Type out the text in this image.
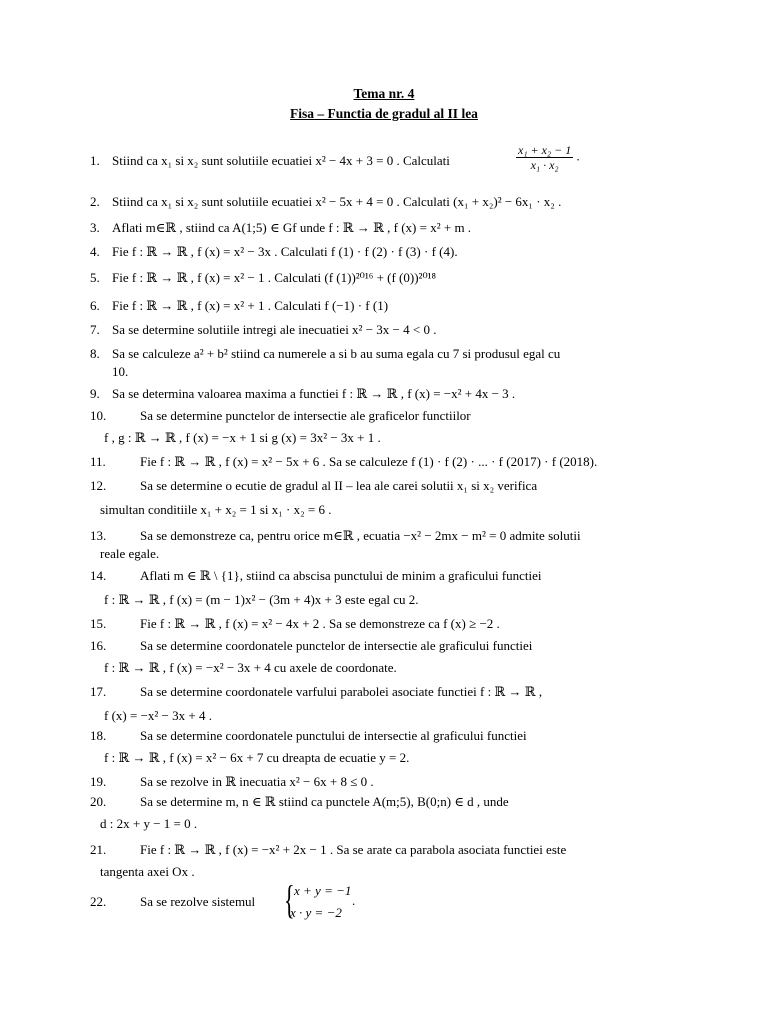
Tema nr. 4
Fisa – Functia de gradul al II lea
1. Stiind ca x₁ si x₂ sunt solutiile ecuatiei x² − 4x + 3 = 0 . Calculati
2. Stiind ca x₁ si x₂ sunt solutiile ecuatiei x² − 5x + 4 = 0 . Calculati (x₁ + x₂)² − 6x₁ · x₂ .
3. Aflati m∈ℝ , stiind ca A(1;5) ∈ Gf unde f : ℝ → ℝ , f (x) = x² + m .
4. Fie f : ℝ → ℝ , f (x) = x² − 3x . Calculati f (1) · f (2) · f (3) · f (4).
5. Fie f : ℝ → ℝ , f (x) = x² − 1 . Calculati (f (1))²⁰¹⁶ + (f (0))²⁰¹⁸
6. Fie f : ℝ → ℝ , f (x) = x² + 1 . Calculati f (−1) · f (1)
7. Sa se determine solutiile intregi ale inecuatiei x² − 3x − 4 < 0 .
8. Sa se calculeze a² + b² stiind ca numerele a si b au suma egala cu 7 si produsul egal cu
10.
9. Sa se determina valoarea maxima a functiei f : ℝ → ℝ , f (x) = −x² + 4x − 3 .
10.	Sa se determine punctelor de intersectie ale graficelor functiilor
f , g : ℝ → ℝ , f (x) = −x + 1 si g (x) = 3x² − 3x + 1 .
11.	Fie f : ℝ → ℝ , f (x) = x² − 5x + 6 . Sa se calculeze f (1) · f (2) · ... · f (2017) · f (2018).
12.	Sa se determine o ecutie de gradul al II – lea ale carei solutii x₁ si x₂ verifica
simultan conditiile x₁ + x₂ = 1 si x₁ · x₂ = 6 .
13.	Sa se demonstreze ca, pentru orice m∈ℝ , ecuatia −x² − 2mx − m² = 0 admite solutii
reale egale.
14.	Aflati m ∈ ℝ \ {1}, stiind ca abscisa punctului de minim a graficului functiei
f : ℝ → ℝ , f (x) = (m − 1)x² − (3m + 4)x + 3 este egal cu 2.
15.	Fie f : ℝ → ℝ , f (x) = x² − 4x + 2 . Sa se demonstreze ca f (x) ≥ −2 .
16.	Sa se determine coordonatele punctelor de intersectie ale graficului functiei
f : ℝ → ℝ , f (x) = −x² − 3x + 4 cu axele de coordonate.
17.	Sa se determine coordonatele varfului parabolei asociate functiei f : ℝ → ℝ ,
f (x) = −x² − 3x + 4 .
18.	Sa se determine coordonatele punctului de intersectie al graficului functiei
f : ℝ → ℝ , f (x) = x² − 6x + 7 cu dreapta de ecuatie y = 2.
19.	Sa se rezolve in ℝ inecuatia x² − 6x + 8 ≤ 0 .
20.	Sa se determine m, n ∈ ℝ stiind ca punctele A(m;5), B(0;n) ∈ d , unde
d : 2x + y − 1 = 0 .
21.	Fie f : ℝ → ℝ , f (x) = −x² + 2x − 1 . Sa se arate ca parabola asociata functiei este
tangenta axei Ox .
22.	Sa se rezolve sistemul
$\frac{\text{x₁ + x₂ − 1}}{\text{x₁ · x₂}}$ .
{ x + y = −1
x · y = −2
.
